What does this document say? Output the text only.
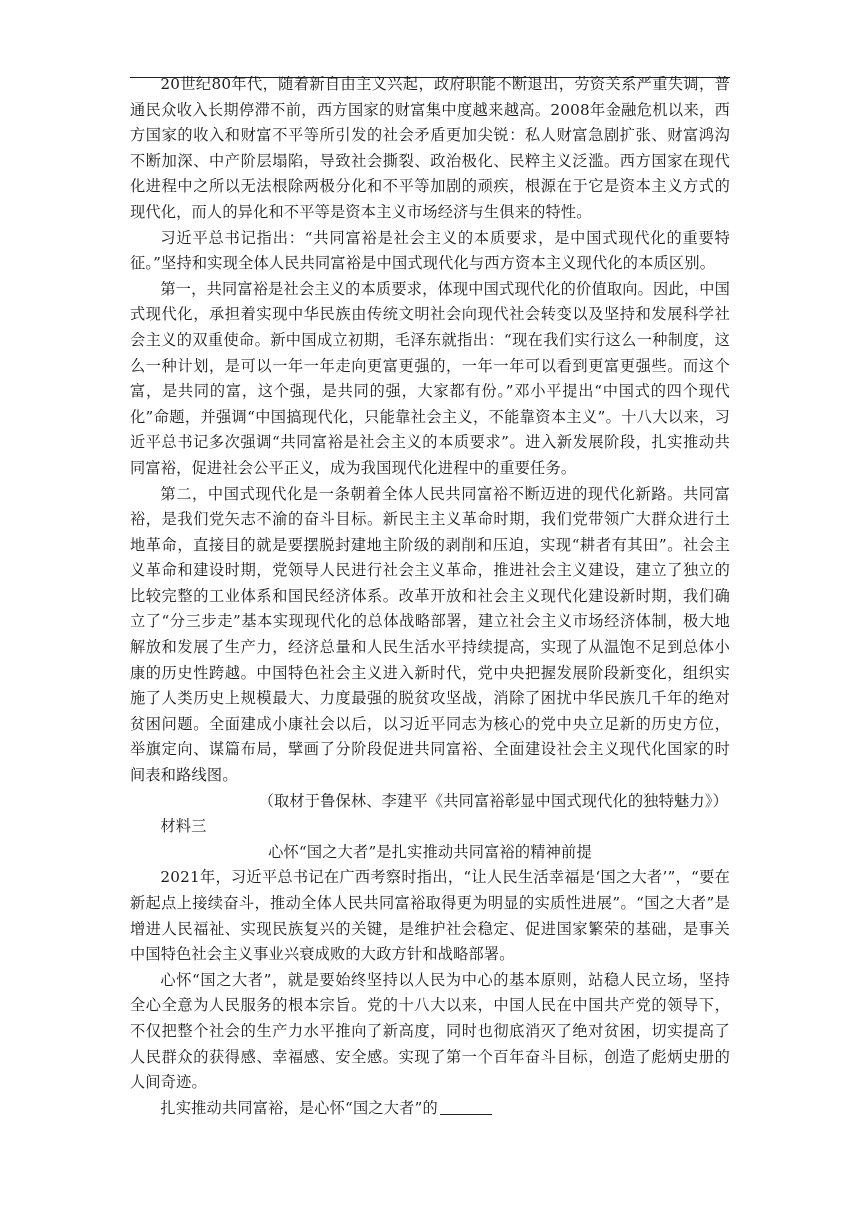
20世纪80年代，随着新自由主义兴起，政府职能不断退出，劳资关系严重失调，普通民众收入长期停滞不前，西方国家的财富集中度越来越高。2008年金融危机以来，西方国家的收入和财富不平等所引发的社会矛盾更加尖锐：私人财富急剧扩张、财富鸿沟不断加深、中产阶层塌陷，导致社会撕裂、政治极化、民粹主义泛滥。西方国家在现代化进程中之所以无法根除两极分化和不平等加剧的顽疾，根源在于它是资本主义方式的现代化，而人的异化和不平等是资本主义市场经济与生俱来的特性。

习近平总书记指出：“共同富裕是社会主义的本质要求，是中国式现代化的重要特征。”坚持和实现全体人民共同富裕是中国式现代化与西方资本主义现代化的本质区别。

第一，共同富裕是社会主义的本质要求，体现中国式现代化的价值取向。因此，中国式现代化，承担着实现中华民族由传统文明社会向现代社会转变以及坚持和发展科学社会主义的双重使命。新中国成立初期，毛泽东就指出：“现在我们实行这么一种制度，这么一种计划，是可以一年一年走向更富更强的，一年一年可以看到更富更强些。而这个富，是共同的富，这个强，是共同的强，大家都有份。”邓小平提出“中国式的四个现代化”命题，并强调“中国搞现代化，只能靠社会主义，不能靠资本主义”。十八大以来，习近平总书记多次强调“共同富裕是社会主义的本质要求”。进入新发展阶段，扎实推动共同富裕，促进社会公平正义，成为我国现代化进程中的重要任务。

第二，中国式现代化是一条朝着全体人民共同富裕不断迈进的现代化新路。共同富裕，是我们党矢志不渝的奋斗目标。新民主主义革命时期，我们党带领广大群众进行土地革命，直接目的就是要摆脱封建地主阶级的剥削和压迫，实现“耕者有其田”。社会主义革命和建设时期，党领导人民进行社会主义革命，推进社会主义建设，建立了独立的比较完整的工业体系和国民经济体系。改革开放和社会主义现代化建设新时期，我们确立了“分三步走”基本实现现代化的总体战略部署，建立社会主义市场经济体制，极大地解放和发展了生产力，经济总量和人民生活水平持续提高，实现了从温饱不足到总体小康的历史性跨越。中国特色社会主义进入新时代，党中央把握发展阶段新变化，组织实施了人类历史上规模最大、力度最强的脱贫攻坚战，消除了困扰中华民族几千年的绝对贫困问题。全面建成小康社会以后，以习近平同志为核心的党中央立足新的历史方位，举旗定向、谋篇布局，擘画了分阶段促进共同富裕、全面建设社会主义现代化国家的时间表和路线图。

（取材于鲁保林、李建平《共同富裕彰显中国式现代化的独特魅力》）

材料三

心怀“国之大者”是扎实推动共同富裕的精神前提

2021年，习近平总书记在广西考察时指出，“让人民生活幸福是‘国之大者’”，“要在新起点上接续奋斗，推动全体人民共同富裕取得更为明显的实质性进展”。“国之大者”是增进人民福祉、实现民族复兴的关键，是维护社会稳定、促进国家繁荣的基础，是事关中国特色社会主义事业兴衰成败的大政方针和战略部署。

心怀“国之大者”，就是要始终坚持以人民为中心的基本原则，站稳人民立场，坚持全心全意为人民服务的根本宗旨。党的十八大以来，中国人民在中国共产党的领导下，不仅把整个社会的生产力水平推向了新高度，同时也彻底消灭了绝对贫困，切实提高了人民群众的获得感、幸福感、安全感。实现了第一个百年奋斗目标，创造了彪炳史册的人间奇迹。

扎实推动共同富裕，是心怀“国之大者”的
